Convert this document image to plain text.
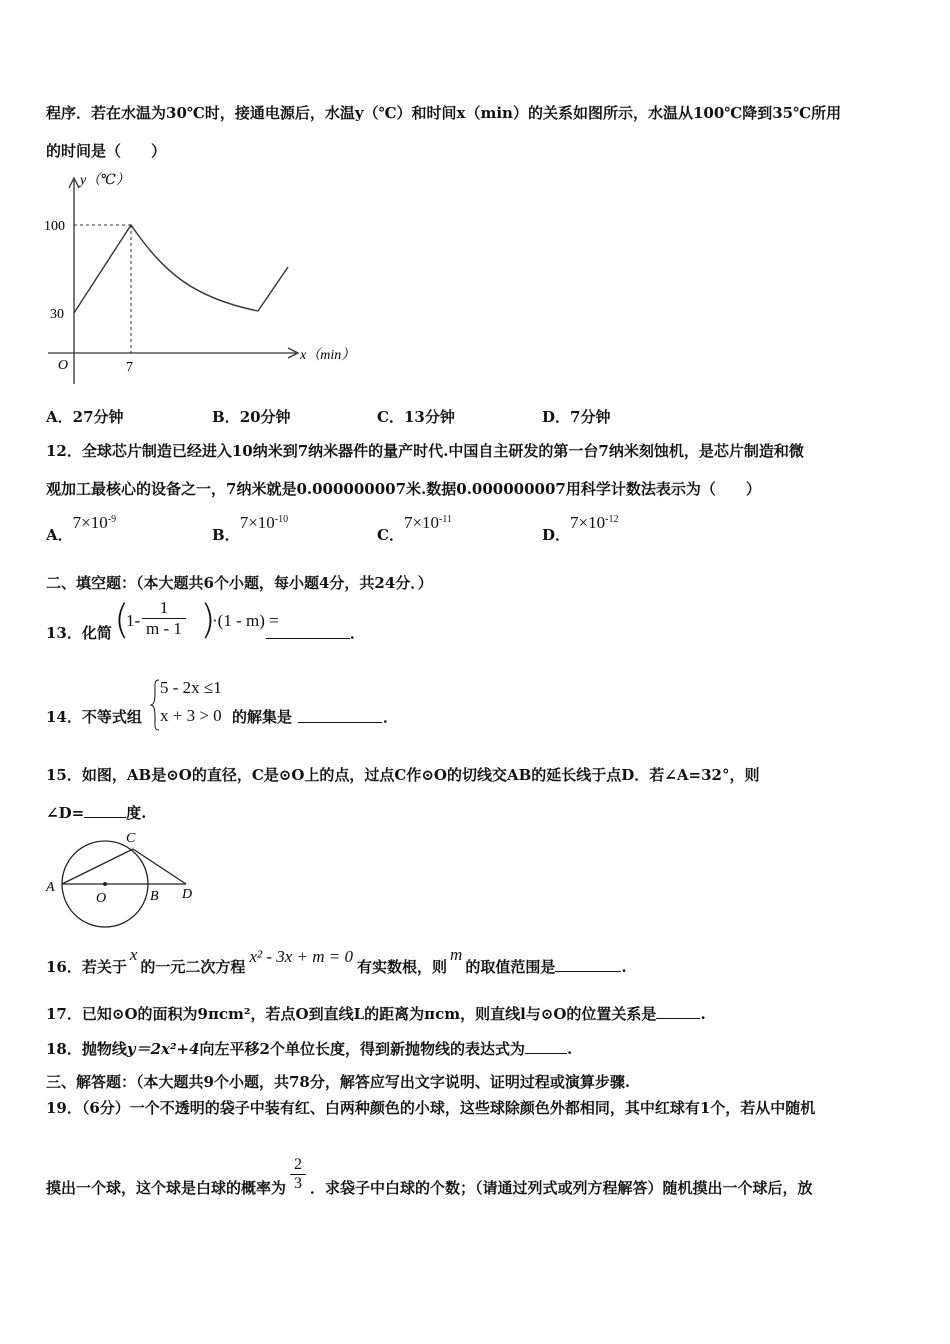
程序．若在水温为30℃时，接通电源后，水温y（℃）和时间x（min）的关系如图所示，水温从100℃降到35℃所用
的时间是（　　）
y（℃）
x（min）
100
30
O	7
A．27分钟	B．20分钟	C．13分钟	D．7分钟
12．全球芯片制造已经进入10纳米到7纳米器件的量产时代.中国自主研发的第一台7纳米刻蚀机，是芯片制造和微
观加工最核心的设备之一，7纳米就是0.000000007米.数据0.000000007用科学计数法表示为（　　）
A．$7\times 10^{-9}$
B．$7\times 10^{-10}$
C．$7\times 10^{-11}$
D．$7\times 10^{-12}$
二、填空题：（本大题共6个小题，每小题4分，共24分．）
13．化简 (
$1- \frac{1}{m - 1}$ )
·(1 - m) =
．
14．不等式组
5 - 2x ≤1
x + 3 > 0 的解集是	．
15．如图，AB是⊙O的直径，C是⊙O上的点，过点C作⊙O的切线交AB的延长线于点D．若∠A=32°，则
∠D=	度.
A
O	B
C
D
16．若关于x的一元二次方程x² - 3x + m = 0有实数根，则m的取值范围是	.
17．已知⊙O的面积为9πcm²，若点O到直线L的距离为πcm，则直线l与⊙O的位置关系是	.
18．抛物线y＝2x²+4向左平移2个单位长度，得到新抛物线的表达式为	.
三、解答题：（本大题共9个小题，共78分，解答应写出文字说明、证明过程或演算步骤.
19．（6分）一个不透明的袋子中装有红、白两种颜色的小球，这些球除颜色外都相同，其中红球有1个，若从中随机
摸出一个球，这个球是白球的概率为 $\frac{2}{3}$ ．求袋子中白球的个数；（请通过列式或列方程解答）随机摸出一个球后，放
